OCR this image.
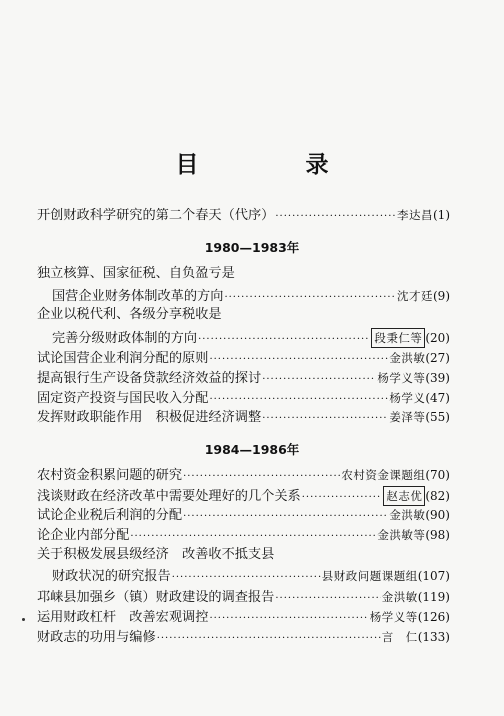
目　录
开创财政科学研究的第二个春天（代序） ·····	李达昌 (1)
1980—1983年
独立核算、国家征税、自负盈亏是
国营企业财务体制改革的方向 ·····	沈才廷 (9)
企业以税代利、各级分享税收是
完善分级财政体制的方向 ·····	段秉仁等 (20)
试论国营企业利润分配的原则 ·····	金洪敏 (27)
提高银行生产设备贷款经济效益的探讨 ·····	杨学义等 (39)
固定资产投资与国民收入分配 ·····	杨学义 (47)
发挥财政职能作用　积极促进经济调整 ·····	姜泽等 (55)
1984—1986年
农村资金积累问题的研究 ·····	农村资金课题组 (70)
浅谈财政在经济改革中需要处理好的几个关系 ·····	赵志优 (82)
试论企业税后利润的分配 ·····	金洪敏 (90)
论企业内部分配 ·····	金洪敏等 (98)
关于积极发展县级经济　改善收不抵支县
财政状况的研究报告 ·····	县财政问题课题组 (107)
邛崃县加强乡（镇）财政建设的调查报告 ·····	金洪敏 (119)
运用财政杠杆　改善宏观调控 ·····	杨学义等 (126)
财政志的功用与编修 ·····	言　仁 (133)
